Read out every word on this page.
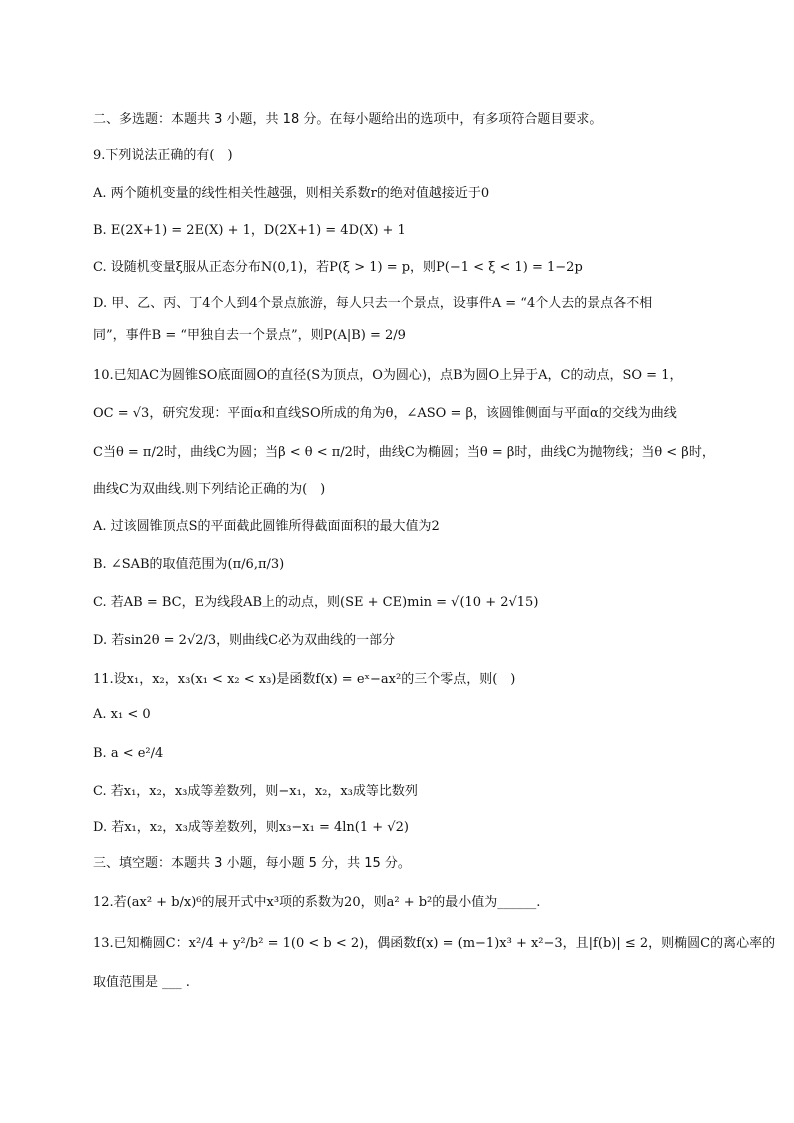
二、多选题：本题共 3 小题，共 18 分。在每小题给出的选项中，有多项符合题目要求。
9.下列说法正确的有(　)
A. 两个随机变量的线性相关性越强，则相关系数r的绝对值越接近于0
B. E(2X+1) = 2E(X) + 1，D(2X+1) = 4D(X) + 1
C. 设随机变量ξ服从正态分布N(0,1)，若P(ξ > 1) = p，则P(−1 < ξ < 1) = 1−2p
D. 甲、乙、丙、丁4个人到4个景点旅游，每人只去一个景点，设事件A = “4个人去的景点各不相
同”，事件B = “甲独自去一个景点”，则P(A|B) = 2/9
10.已知AC为圆锥SO底面圆O的直径(S为顶点，O为圆心)，点B为圆O上异于A，C的动点，SO = 1，
OC = √3，研究发现：平面α和直线SO所成的角为θ，∠ASO = β，该圆锥侧面与平面α的交线为曲线
C当θ = π/2时，曲线C为圆；当β < θ < π/2时，曲线C为椭圆；当θ = β时，曲线C为抛物线；当θ < β时，
曲线C为双曲线.则下列结论正确的为(　)
A. 过该圆锥顶点S的平面截此圆锥所得截面面积的最大值为2
B. ∠SAB的取值范围为(π/6,π/3)
C. 若AB = BC，E为线段AB上的动点，则(SE + CE)min = √(10 + 2√15)
D. 若sin2θ = 2√2/3，则曲线C必为双曲线的一部分
11.设x₁，x₂，x₃(x₁ < x₂ < x₃)是函数f(x) = eˣ−ax²的三个零点，则(　)
A. x₁ < 0
B. a < e²/4
C. 若x₁，x₂，x₃成等差数列，则−x₁，x₂，x₃成等比数列
D. 若x₁，x₂，x₃成等差数列，则x₃−x₁ = 4ln(1 + √2)
三、填空题：本题共 3 小题，每小题 5 分，共 15 分。
12.若(ax² + b/x)⁶的展开式中x³项的系数为20，则a² + b²的最小值为______.
13.已知椭圆C：x²/4 + y²/b² = 1(0 < b < 2)，偶函数f(x) = (m−1)x³ + x²−3，且|f(b)| ≤ 2，则椭圆C的离心率的
取值范围是 ___ .
